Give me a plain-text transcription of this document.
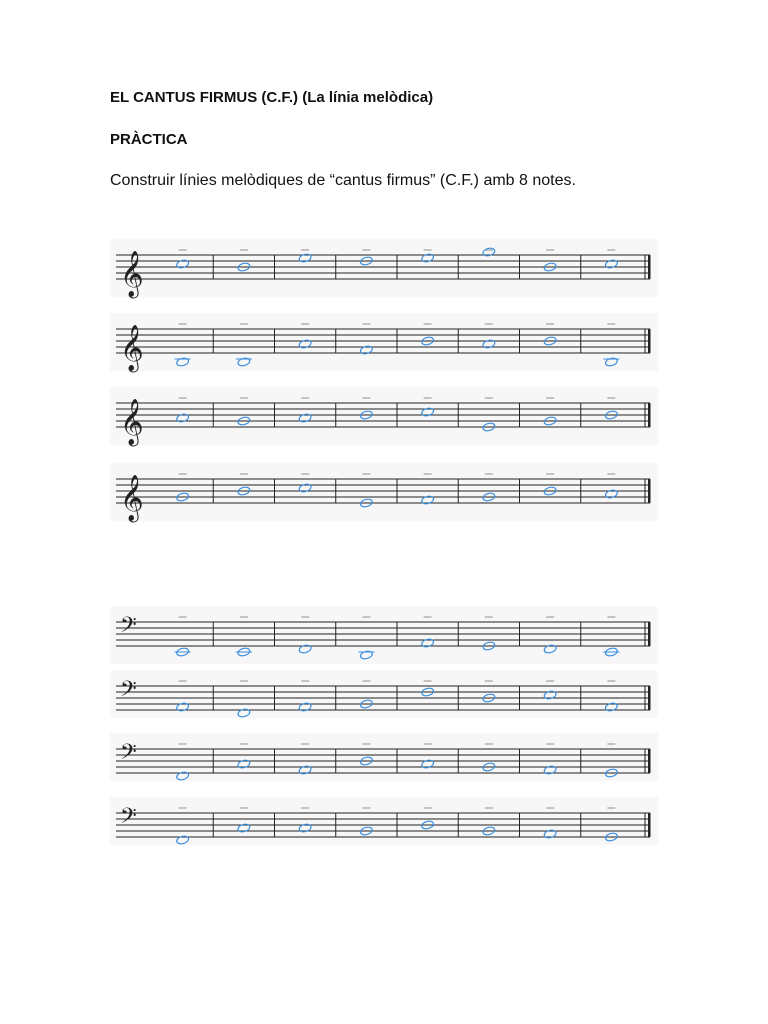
EL CANTUS FIRMUS (C.F.) (La línia melòdica)
PRÀCTICA

Construir línies melòdiques de “cantus firmus” (C.F.) amb 8 notes.

𝄞
𝄞
𝄞
𝄞
𝄢
𝄢
𝄢
𝄢
